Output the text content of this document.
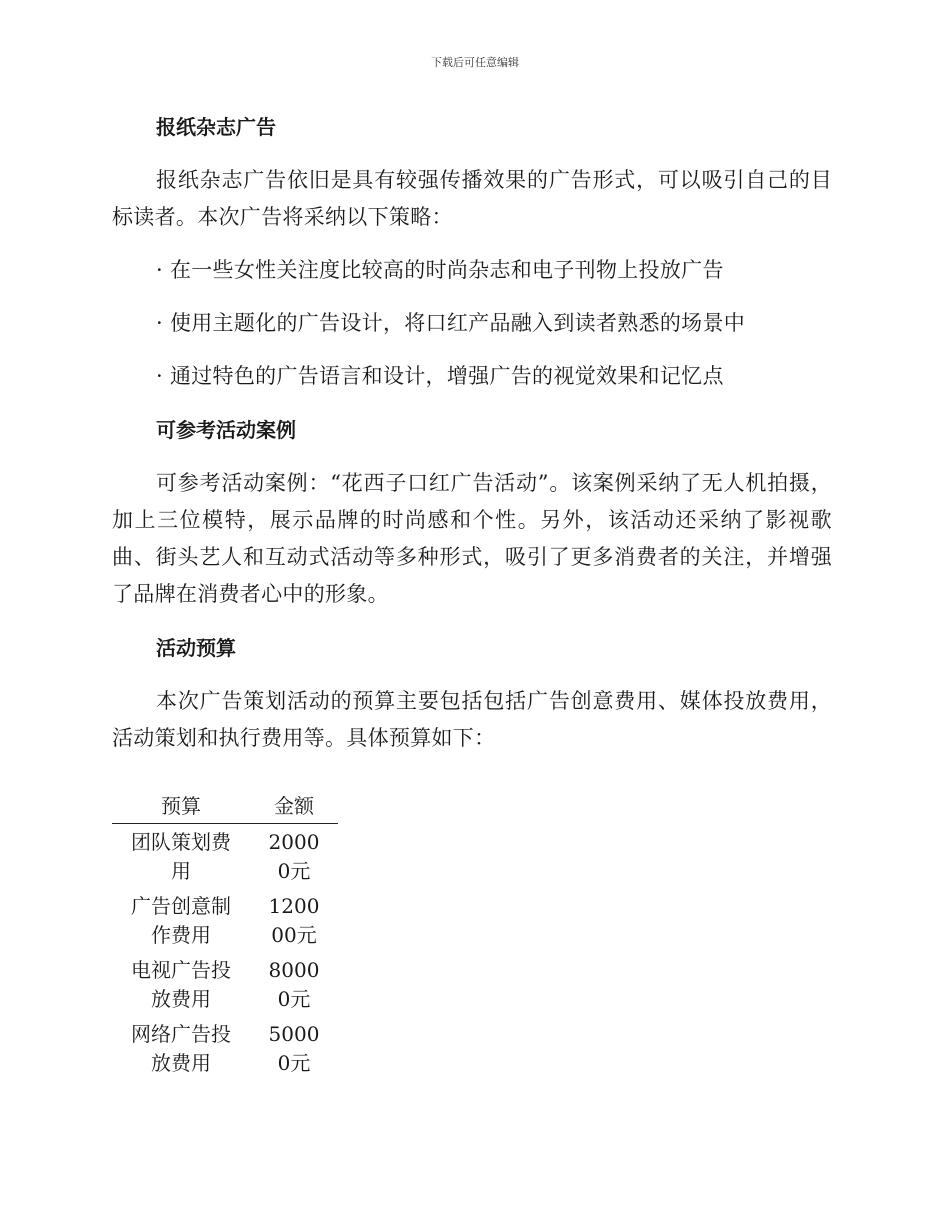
下载后可任意编辑

报纸杂志广告

报纸杂志广告依旧是具有较强传播效果的广告形式，可以吸引自己的目标读者。本次广告将采纳以下策略：

· 在一些女性关注度比较高的时尚杂志和电子刊物上投放广告

· 使用主题化的广告设计，将口红产品融入到读者熟悉的场景中

· 通过特色的广告语言和设计，增强广告的视觉效果和记忆点

可参考活动案例

可参考活动案例：“花西子口红广告活动”。该案例采纳了无人机拍摄，加上三位模特，展示品牌的时尚感和个性。另外，该活动还采纳了影视歌曲、街头艺人和互动式活动等多种形式，吸引了更多消费者的关注，并增强了品牌在消费者心中的形象。

活动预算

本次广告策划活动的预算主要包括包括广告创意费用、媒体投放费用，活动策划和执行费用等。具体预算如下：

预算	金额

团队策划费用	20000元

广告创意制作费用	120000元

电视广告投放费用	80000元

网络广告投放费用	50000元
